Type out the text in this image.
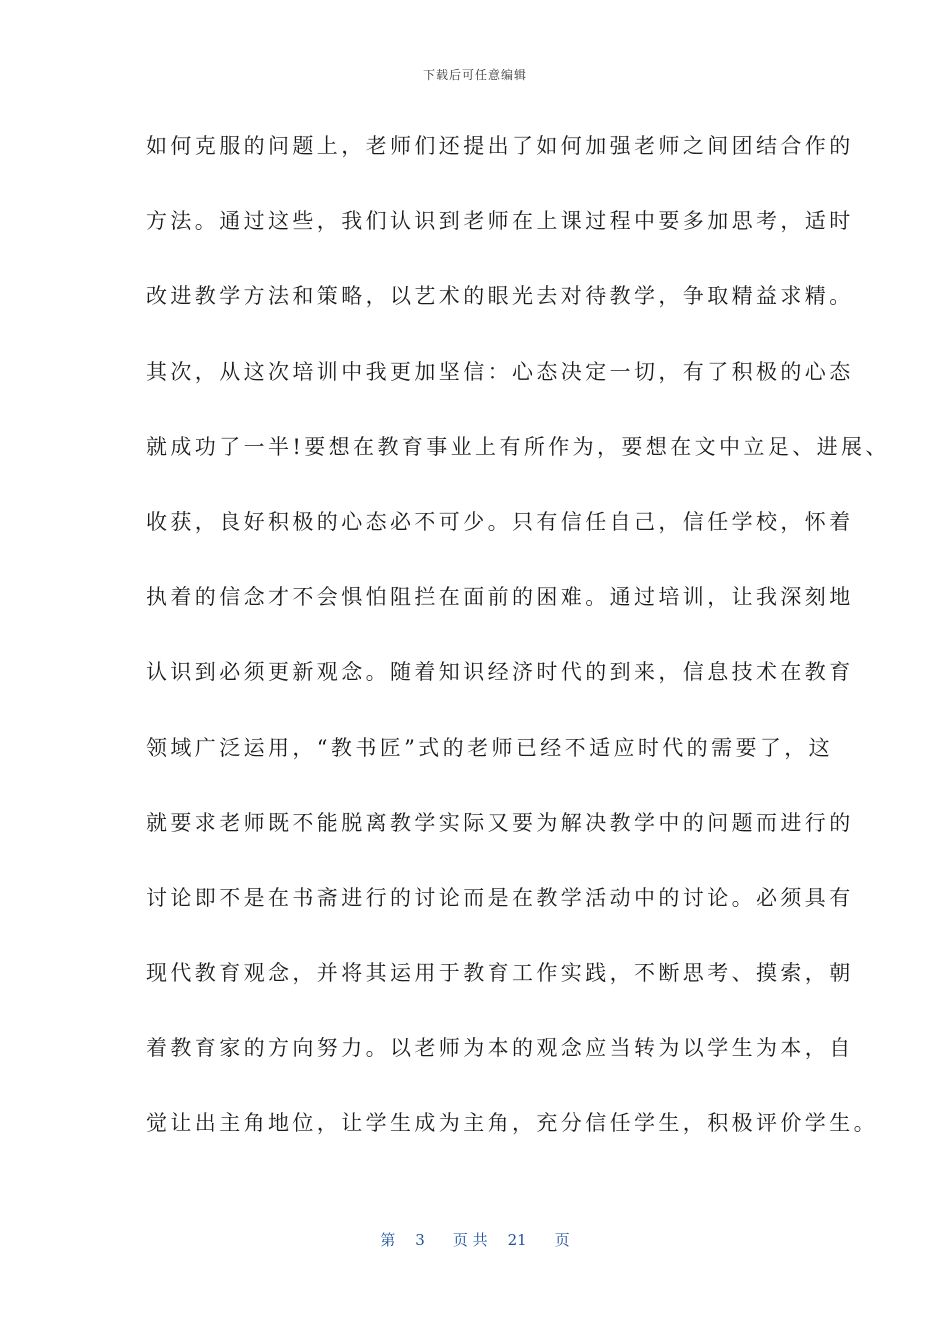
下载后可任意编辑
如何克服的问题上，老师们还提出了如何加强老师之间团结合作的
方法。通过这些，我们认识到老师在上课过程中要多加思考，适时
改进教学方法和策略，以艺术的眼光去对待教学，争取精益求精。
其次，从这次培训中我更加坚信：心态决定一切，有了积极的心态
就成功了一半!要想在教育事业上有所作为，要想在文中立足、进展、
收获，良好积极的心态必不可少。只有信任自己，信任学校，怀着
执着的信念才不会惧怕阻拦在面前的困难。通过培训，让我深刻地
认识到必须更新观念。随着知识经济时代的到来，信息技术在教育
领域广泛运用，“教书匠”式的老师已经不适应时代的需要了，这
就要求老师既不能脱离教学实际又要为解决教学中的问题而进行的
讨论即不是在书斋进行的讨论而是在教学活动中的讨论。必须具有
现代教育观念，并将其运用于教育工作实践，不断思考、摸索，朝
着教育家的方向努力。以老师为本的观念应当转为以学生为本，自
觉让出主角地位，让学生成为主角，充分信任学生，积极评价学生。
第 3 页 共 21 页
